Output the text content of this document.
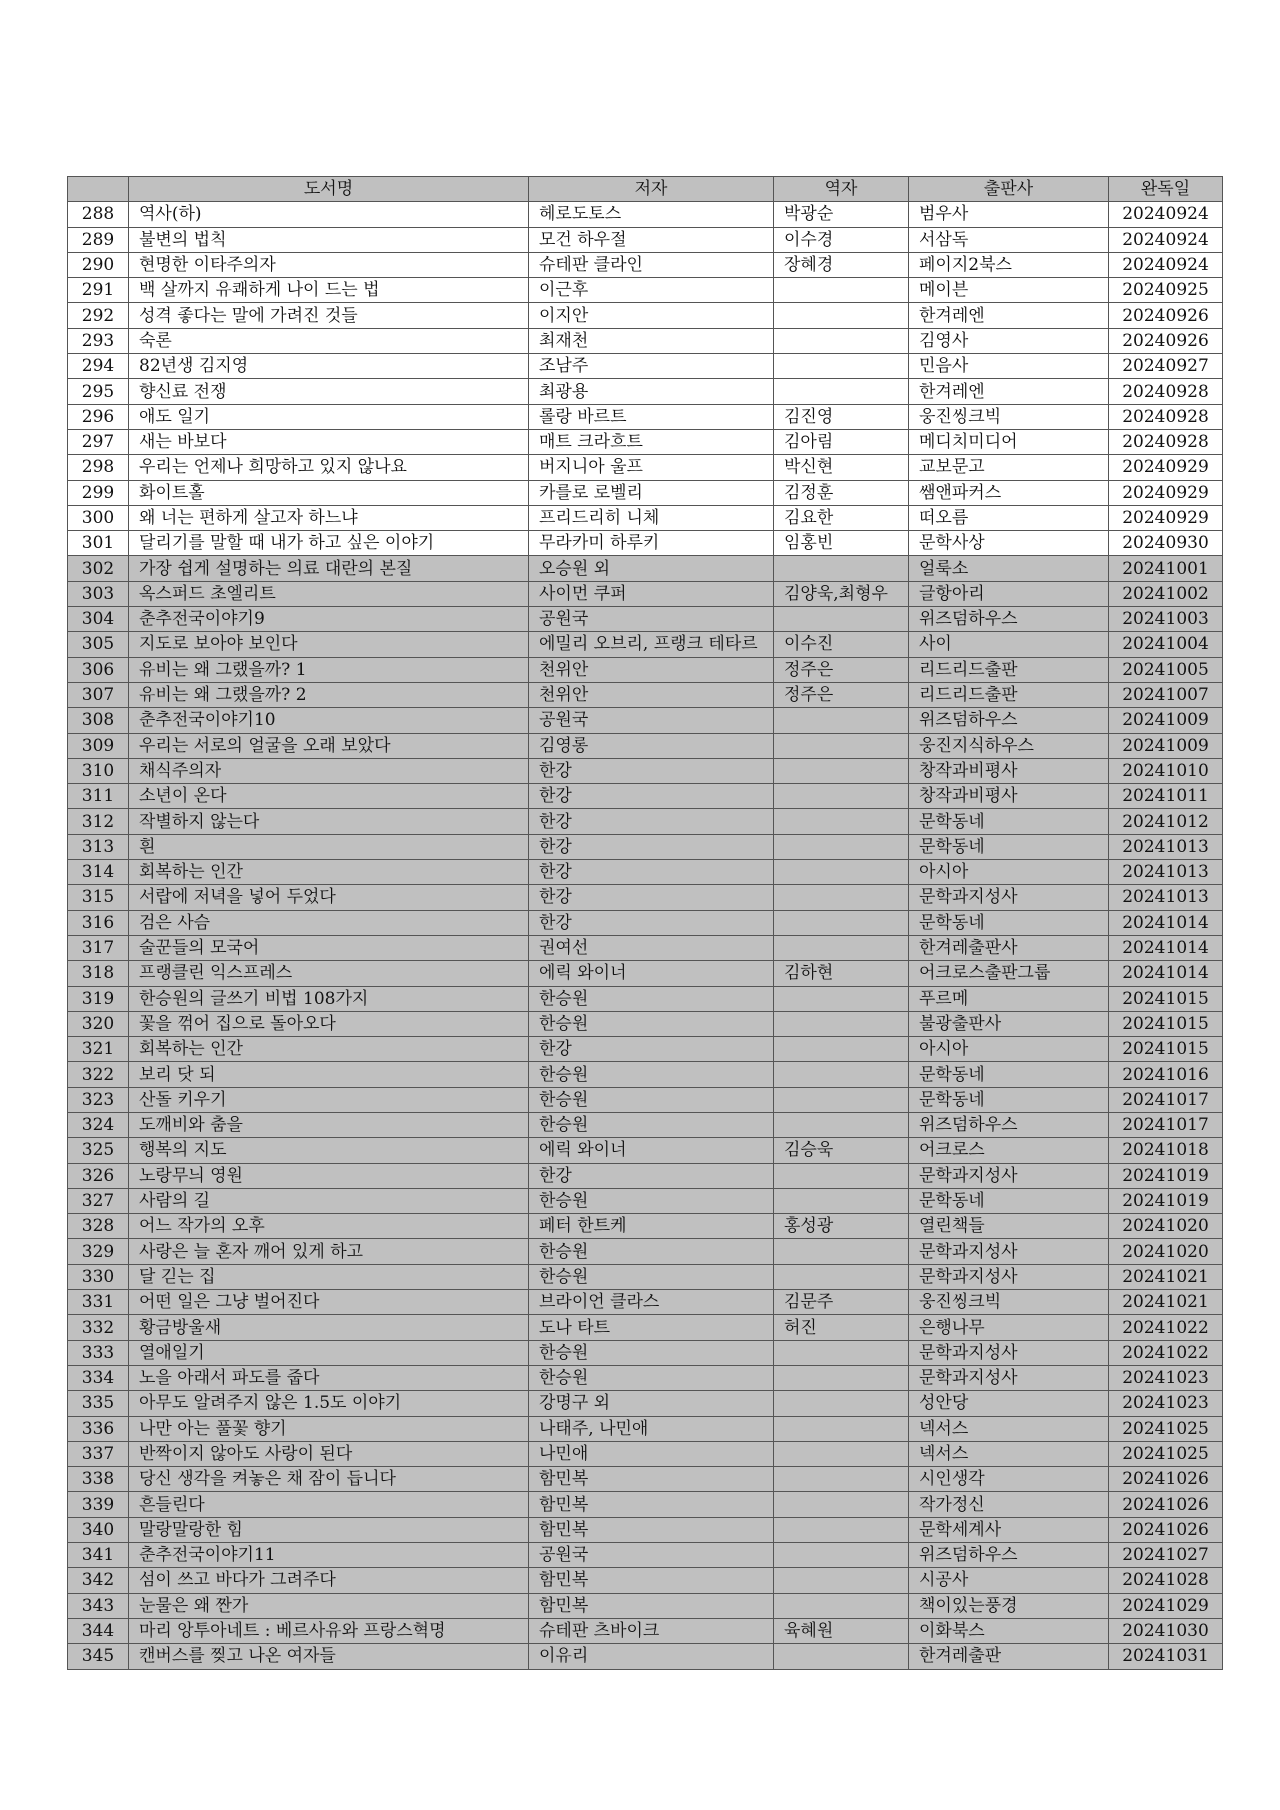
	도서명	저자	역자	출판사	완독일
288	역사(하)	헤로도토스	박광순	범우사	20240924
289	불변의 법칙	모건 하우절	이수경	서삼독	20240924
290	현명한 이타주의자	슈테판 클라인	장혜경	페이지2북스	20240924
291	백 살까지 유쾌하게 나이 드는 법	이근후		메이븐	20240925
292	성격 좋다는 말에 가려진 것들	이지안		한겨레엔	20240926
293	숙론	최재천		김영사	20240926
294	82년생 김지영	조남주		민음사	20240927
295	향신료 전쟁	최광용		한겨레엔	20240928
296	애도 일기	롤랑 바르트	김진영	웅진씽크빅	20240928
297	새는 바보다	매트 크라흐트	김아림	메디치미디어	20240928
298	우리는 언제나 희망하고 있지 않나요	버지니아 울프	박신현	교보문고	20240929
299	화이트홀	카를로 로벨리	김정훈	쌤앤파커스	20240929
300	왜 너는 편하게 살고자 하느냐	프리드리히 니체	김요한	떠오름	20240929
301	달리기를 말할 때 내가 하고 싶은 이야기	무라카미 하루키	임홍빈	문학사상	20240930
302	가장 쉽게 설명하는 의료 대란의 본질	오승원 외		얼룩소	20241001
303	옥스퍼드 초엘리트	사이먼 쿠퍼	김양욱,최형우	글항아리	20241002
304	춘추전국이야기9	공원국		위즈덤하우스	20241003
305	지도로 보아야 보인다	에밀리 오브리, 프랭크 테타르	이수진	사이	20241004
306	유비는 왜 그랬을까? 1	천위안	정주은	리드리드출판	20241005
307	유비는 왜 그랬을까? 2	천위안	정주은	리드리드출판	20241007
308	춘추전국이야기10	공원국		위즈덤하우스	20241009
309	우리는 서로의 얼굴을 오래 보았다	김영롱		웅진지식하우스	20241009
310	채식주의자	한강		창작과비평사	20241010
311	소년이 온다	한강		창작과비평사	20241011
312	작별하지 않는다	한강		문학동네	20241012
313	흰	한강		문학동네	20241013
314	회복하는 인간	한강		아시아	20241013
315	서랍에 저녁을 넣어 두었다	한강		문학과지성사	20241013
316	검은 사슴	한강		문학동네	20241014
317	술꾼들의 모국어	권여선		한겨레출판사	20241014
318	프랭클린 익스프레스	에릭 와이너	김하현	어크로스출판그룹	20241014
319	한승원의 글쓰기 비법 108가지	한승원		푸르메	20241015
320	꽃을 꺾어 집으로 돌아오다	한승원		불광출판사	20241015
321	회복하는 인간	한강		아시아	20241015
322	보리 닷 되	한승원		문학동네	20241016
323	산돌 키우기	한승원		문학동네	20241017
324	도깨비와 춤을	한승원		위즈덤하우스	20241017
325	행복의 지도	에릭 와이너	김승욱	어크로스	20241018
326	노랑무늬 영원	한강		문학과지성사	20241019
327	사람의 길	한승원		문학동네	20241019
328	어느 작가의 오후	페터 한트케	홍성광	열린책들	20241020
329	사랑은 늘 혼자 깨어 있게 하고	한승원		문학과지성사	20241020
330	달 긷는 집	한승원		문학과지성사	20241021
331	어떤 일은 그냥 벌어진다	브라이언 클라스	김문주	웅진씽크빅	20241021
332	황금방울새	도나 타트	허진	은행나무	20241022
333	열애일기	한승원		문학과지성사	20241022
334	노을 아래서 파도를 줍다	한승원		문학과지성사	20241023
335	아무도 알려주지 않은 1.5도 이야기	강명구 외		성안당	20241023
336	나만 아는 풀꽃 향기	나태주, 나민애		넥서스	20241025
337	반짝이지 않아도 사랑이 된다	나민애		넥서스	20241025
338	당신 생각을 켜놓은 채 잠이 듭니다	함민복		시인생각	20241026
339	흔들린다	함민복		작가정신	20241026
340	말랑말랑한 힘	함민복		문학세계사	20241026
341	춘추전국이야기11	공원국		위즈덤하우스	20241027
342	섬이 쓰고 바다가 그려주다	함민복		시공사	20241028
343	눈물은 왜 짠가	함민복		책이있는풍경	20241029
344	마리 앙투아네트 : 베르사유와 프랑스혁명	슈테판 츠바이크	육혜원	이화북스	20241030
345	캔버스를 찢고 나온 여자들	이유리		한겨레출판	20241031
